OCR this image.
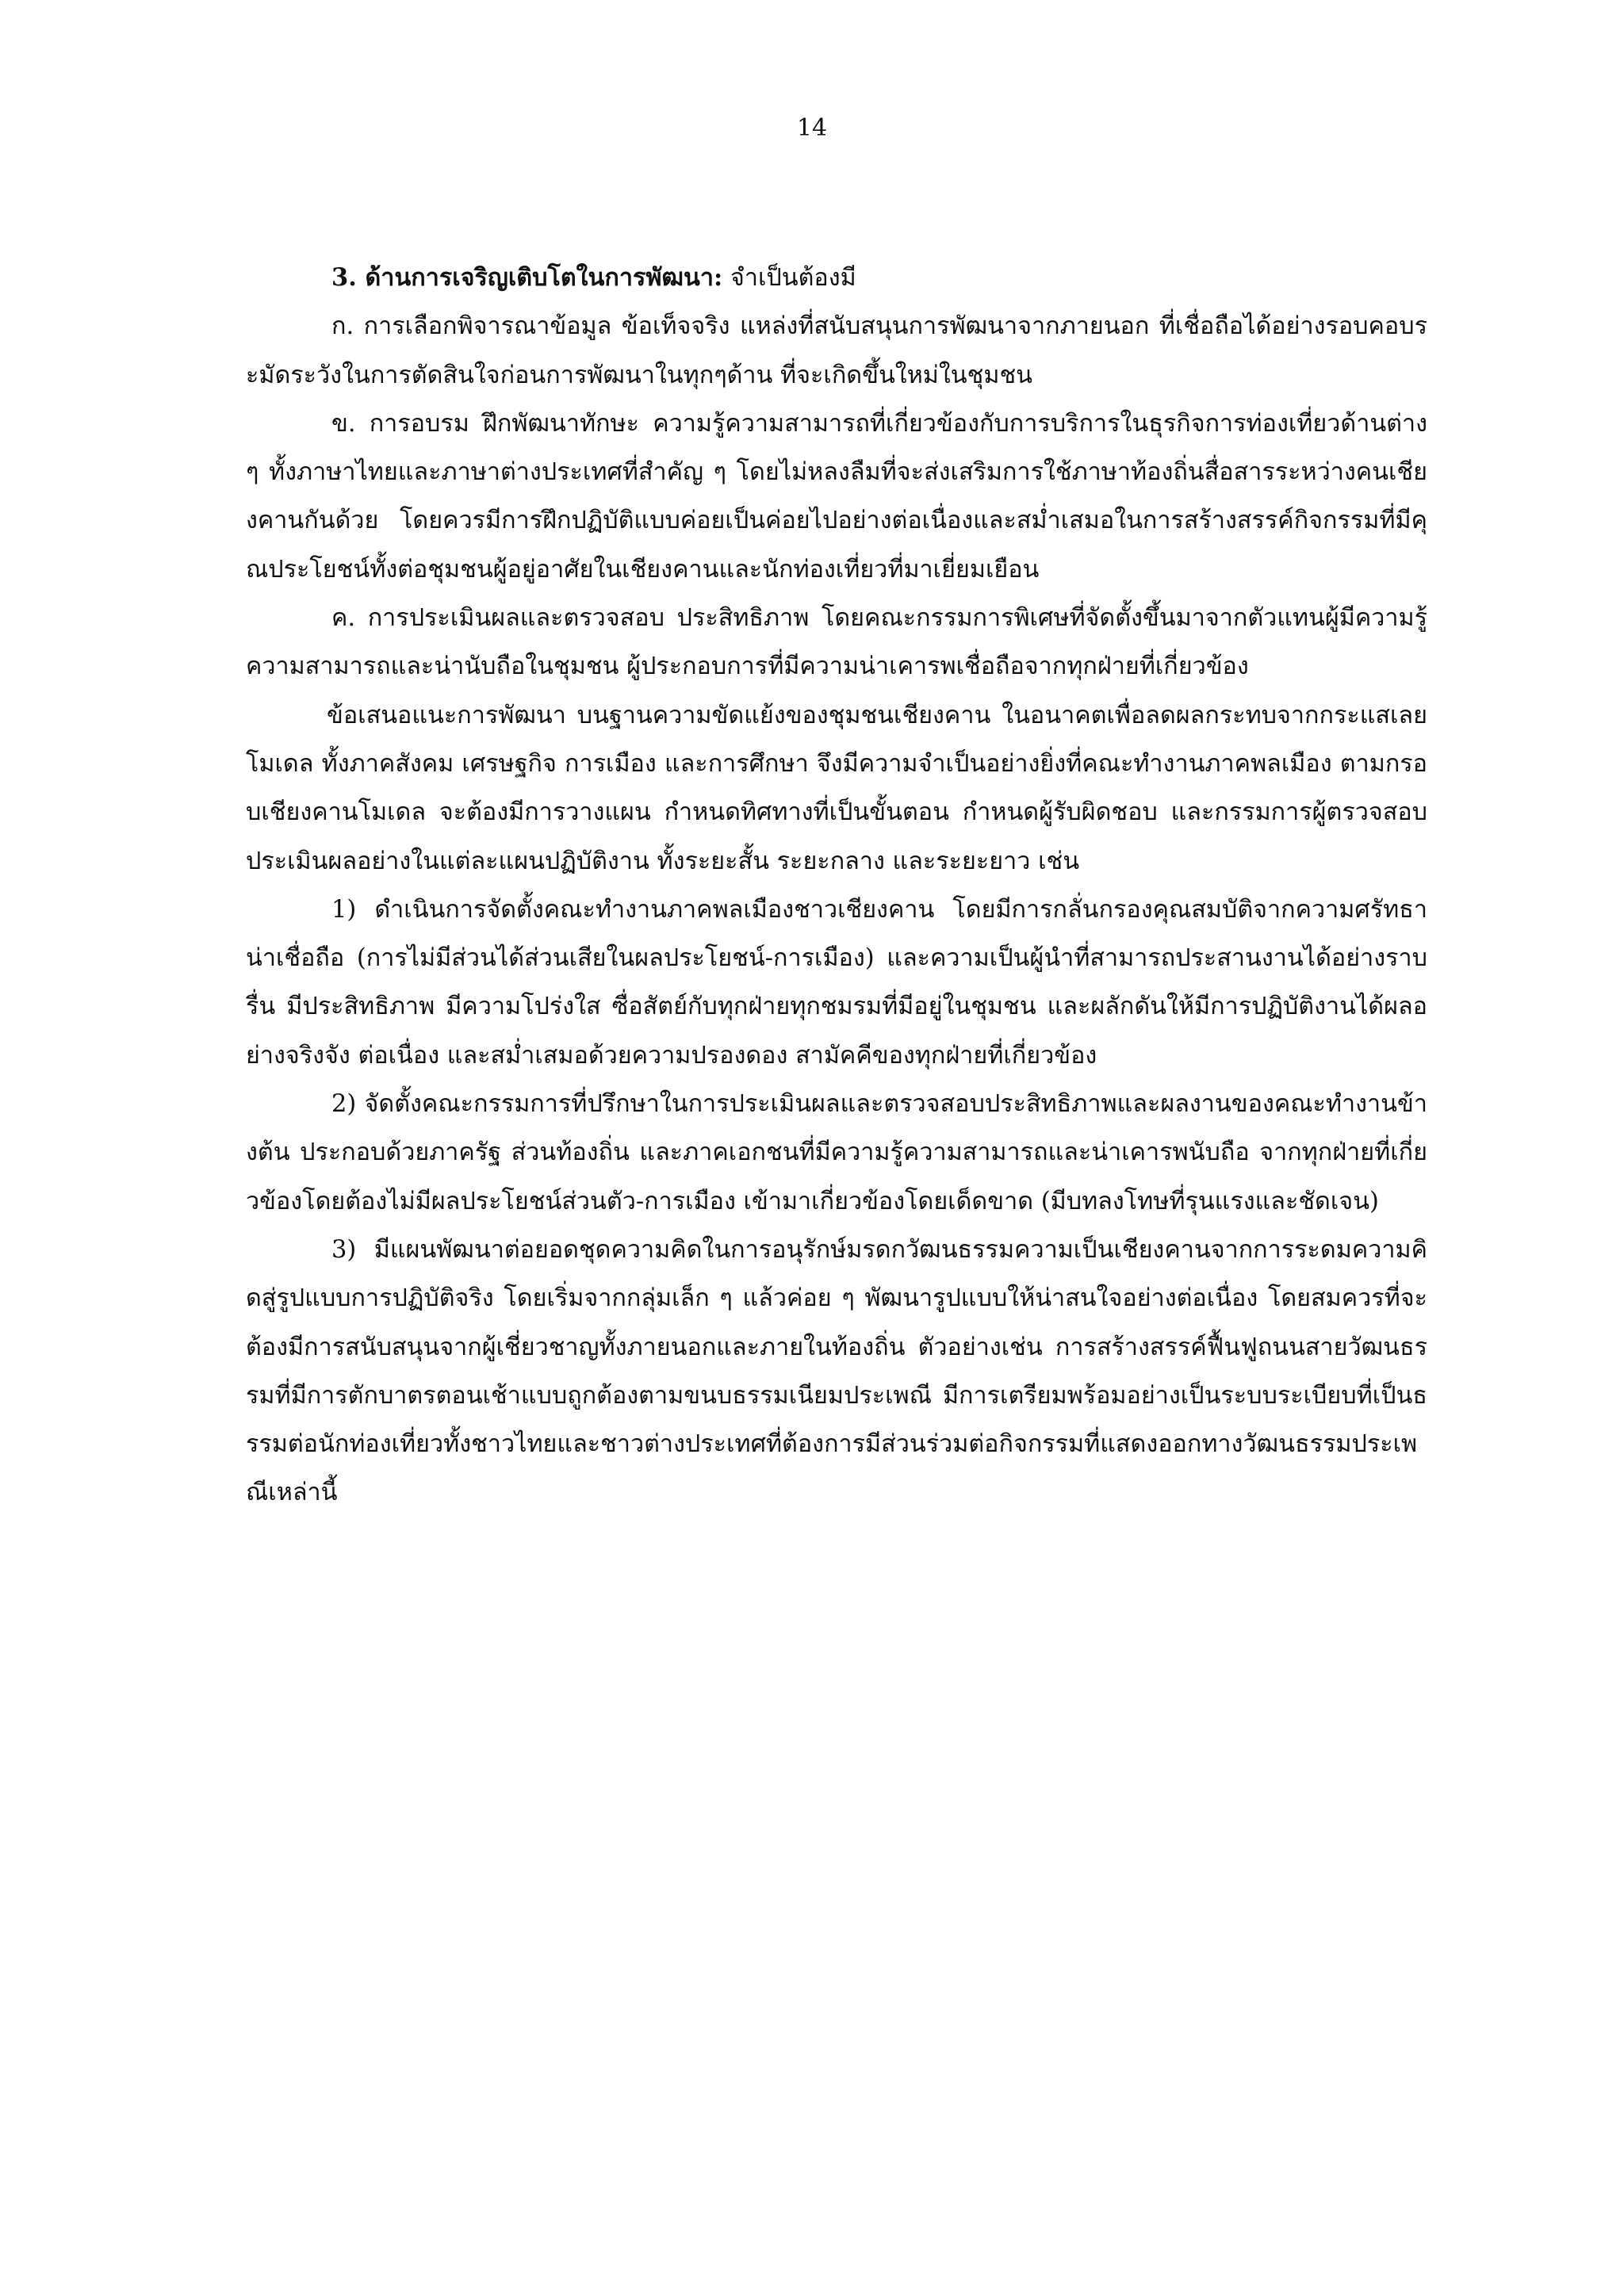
14

3. ด้านการเจริญเติบโตในการพัฒนา: จำเป็นต้องมี

ก. การเลือกพิจารณาข้อมูล ข้อเท็จจริง แหล่งที่สนับสนุนการพัฒนาจากภายนอก ที่เชื่อถือได้อย่างรอบคอบระมัดระวังในการตัดสินใจก่อนการพัฒนาในทุกๆด้าน ที่จะเกิดขึ้นใหม่ในชุมชน

ข. การอบรม ฝึกพัฒนาทักษะ ความรู้ความสามารถที่เกี่ยวข้องกับการบริการในธุรกิจการท่องเที่ยวด้านต่าง ๆ ทั้งภาษาไทยและภาษาต่างประเทศที่สำคัญ ๆ โดยไม่หลงลืมที่จะส่งเสริมการใช้ภาษาท้องถิ่นสื่อสารระหว่างคนเชียงคานกันด้วย โดยควรมีการฝึกปฏิบัติแบบค่อยเป็นค่อยไปอย่างต่อเนื่องและสม่ำเสมอในการสร้างสรรค์กิจกรรมที่มีคุณประโยชน์ทั้งต่อชุมชนผู้อยู่อาศัยในเชียงคานและนักท่องเที่ยวที่มาเยี่ยมเยือน

ค. การประเมินผลและตรวจสอบ ประสิทธิภาพ โดยคณะกรรมการพิเศษที่จัดตั้งขึ้นมาจากตัวแทนผู้มีความรู้ ความสามารถและน่านับถือในชุมชน ผู้ประกอบการที่มีความน่าเคารพเชื่อถือจากทุกฝ่ายที่เกี่ยวข้อง

ข้อเสนอแนะการพัฒนา บนฐานความขัดแย้งของชุมชนเชียงคาน ในอนาคตเพื่อลดผลกระทบจากกระแสเลยโมเดล ทั้งภาคสังคม เศรษฐกิจ การเมือง และการศึกษา จึงมีความจำเป็นอย่างยิ่งที่คณะทำงานภาคพลเมือง ตามกรอบเชียงคานโมเดล จะต้องมีการวางแผน กำหนดทิศทางที่เป็นขั้นตอน กำหนดผู้รับผิดชอบ และกรรมการผู้ตรวจสอบ ประเมินผลอย่างในแต่ละแผนปฏิบัติงาน ทั้งระยะสั้น ระยะกลาง และระยะยาว เช่น

1) ดำเนินการจัดตั้งคณะทำงานภาคพลเมืองชาวเชียงคาน โดยมีการกลั่นกรองคุณสมบัติจากความศรัทธา น่าเชื่อถือ (การไม่มีส่วนได้ส่วนเสียในผลประโยชน์-การเมือง) และความเป็นผู้นำที่สามารถประสานงานได้อย่างราบรื่น มีประสิทธิภาพ มีความโปร่งใส ซื่อสัตย์กับทุกฝ่ายทุกชมรมที่มีอยู่ในชุมชน และผลักดันให้มีการปฏิบัติงานได้ผลอย่างจริงจัง ต่อเนื่อง และสม่ำเสมอด้วยความปรองดอง สามัคคีของทุกฝ่ายที่เกี่ยวข้อง

2) จัดตั้งคณะกรรมการที่ปรึกษาในการประเมินผลและตรวจสอบประสิทธิภาพและผลงานของคณะทำงานข้างต้น ประกอบด้วยภาครัฐ ส่วนท้องถิ่น และภาคเอกชนที่มีความรู้ความสามารถและน่าเคารพนับถือ จากทุกฝ่ายที่เกี่ยวข้องโดยต้องไม่มีผลประโยชน์ส่วนตัว-การเมือง เข้ามาเกี่ยวข้องโดยเด็ดขาด (มีบทลงโทษที่รุนแรงและชัดเจน)

3) มีแผนพัฒนาต่อยอดชุดความคิดในการอนุรักษ์มรดกวัฒนธรรมความเป็นเชียงคานจากการระดมความคิดสู่รูปแบบการปฏิบัติจริง โดยเริ่มจากกลุ่มเล็ก ๆ แล้วค่อย ๆ พัฒนารูปแบบให้น่าสนใจอย่างต่อเนื่อง โดยสมควรที่จะต้องมีการสนับสนุนจากผู้เชี่ยวชาญทั้งภายนอกและภายในท้องถิ่น ตัวอย่างเช่น การสร้างสรรค์ฟื้นฟูถนนสายวัฒนธรรมที่มีการตักบาตรตอนเช้าแบบถูกต้องตามขนบธรรมเนียมประเพณี มีการเตรียมพร้อมอย่างเป็นระบบระเบียบที่เป็นธรรมต่อนักท่องเที่ยวทั้งชาวไทยและชาวต่างประเทศที่ต้องการมีส่วนร่วมต่อกิจกรรมที่แสดงออกทางวัฒนธรรมประเพณีเหล่านี้
